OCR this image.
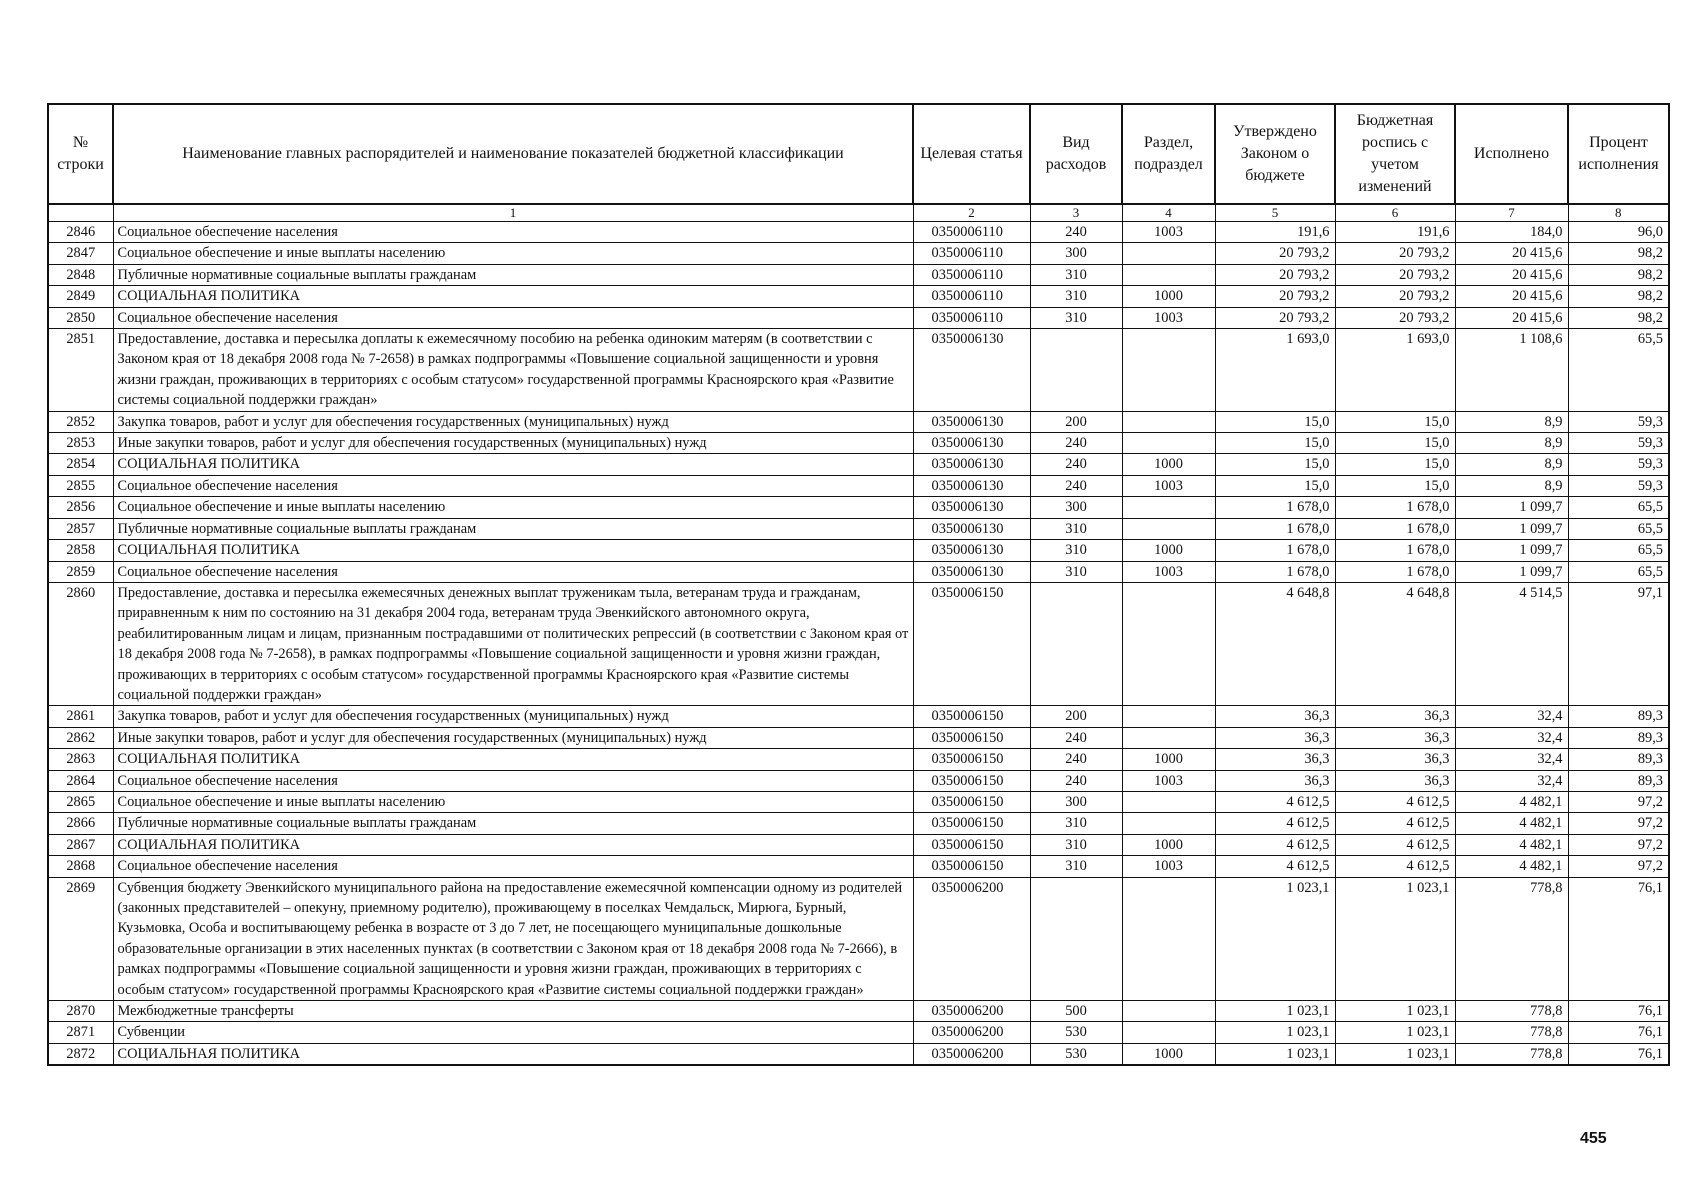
№ строки	Наименование главных распорядителей и наименование показателей бюджетной классификации	Целевая статья	Вид расходов	Раздел, подраздел	Утверждено Законом о бюджете	Бюджетная роспись с учетом изменений	Исполнено	Процент исполнения
	1	2	3	4	5	6	7	8
2846	Социальное обеспечение населения	0350006110	240	1003	191,6	191,6	184,0	96,0
2847	Социальное обеспечение и иные выплаты населению	0350006110	300		20 793,2	20 793,2	20 415,6	98,2
2848	Публичные нормативные социальные выплаты гражданам	0350006110	310		20 793,2	20 793,2	20 415,6	98,2
2849	СОЦИАЛЬНАЯ ПОЛИТИКА	0350006110	310	1000	20 793,2	20 793,2	20 415,6	98,2
2850	Социальное обеспечение населения	0350006110	310	1003	20 793,2	20 793,2	20 415,6	98,2
2851	Предоставление, доставка и пересылка доплаты к ежемесячному пособию на ребенка одиноким матерям (в соответствии с Законом края от 18 декабря 2008 года № 7-2658) в рамках подпрограммы «Повышение социальной защищенности и уровня жизни граждан, проживающих в территориях с особым статусом» государственной программы Красноярского края «Развитие системы социальной поддержки граждан»	0350006130			1 693,0	1 693,0	1 108,6	65,5
2852	Закупка товаров, работ и услуг для обеспечения государственных (муниципальных) нужд	0350006130	200		15,0	15,0	8,9	59,3
2853	Иные закупки товаров, работ и услуг для обеспечения государственных (муниципальных) нужд	0350006130	240		15,0	15,0	8,9	59,3
2854	СОЦИАЛЬНАЯ ПОЛИТИКА	0350006130	240	1000	15,0	15,0	8,9	59,3
2855	Социальное обеспечение населения	0350006130	240	1003	15,0	15,0	8,9	59,3
2856	Социальное обеспечение и иные выплаты населению	0350006130	300		1 678,0	1 678,0	1 099,7	65,5
2857	Публичные нормативные социальные выплаты гражданам	0350006130	310		1 678,0	1 678,0	1 099,7	65,5
2858	СОЦИАЛЬНАЯ ПОЛИТИКА	0350006130	310	1000	1 678,0	1 678,0	1 099,7	65,5
2859	Социальное обеспечение населения	0350006130	310	1003	1 678,0	1 678,0	1 099,7	65,5
2860	Предоставление, доставка и пересылка ежемесячных денежных выплат труженикам тыла, ветеранам труда и гражданам, приравненным к ним по состоянию на 31 декабря 2004 года, ветеранам труда Эвенкийского автономного округа, реабилитированным лицам и лицам, признанным пострадавшими от политических репрессий (в соответствии с Законом края от 18 декабря 2008 года № 7-2658), в рамках подпрограммы «Повышение социальной защищенности и уровня жизни граждан, проживающих в территориях с особым статусом» государственной программы Красноярского края «Развитие системы социальной поддержки граждан»	0350006150			4 648,8	4 648,8	4 514,5	97,1
2861	Закупка товаров, работ и услуг для обеспечения государственных (муниципальных) нужд	0350006150	200		36,3	36,3	32,4	89,3
2862	Иные закупки товаров, работ и услуг для обеспечения государственных (муниципальных) нужд	0350006150	240		36,3	36,3	32,4	89,3
2863	СОЦИАЛЬНАЯ ПОЛИТИКА	0350006150	240	1000	36,3	36,3	32,4	89,3
2864	Социальное обеспечение населения	0350006150	240	1003	36,3	36,3	32,4	89,3
2865	Социальное обеспечение и иные выплаты населению	0350006150	300		4 612,5	4 612,5	4 482,1	97,2
2866	Публичные нормативные социальные выплаты гражданам	0350006150	310		4 612,5	4 612,5	4 482,1	97,2
2867	СОЦИАЛЬНАЯ ПОЛИТИКА	0350006150	310	1000	4 612,5	4 612,5	4 482,1	97,2
2868	Социальное обеспечение населения	0350006150	310	1003	4 612,5	4 612,5	4 482,1	97,2
2869	Субвенция бюджету Эвенкийского муниципального района на предоставление ежемесячной компенсации одному из родителей (законных представителей – опекуну, приемному родителю), проживающему в поселках Чемдальск, Мирюга, Бурный, Кузьмовка, Особа и воспитывающему ребенка в возрасте от 3 до 7 лет, не посещающего муниципальные дошкольные образовательные организации в этих населенных пунктах (в соответствии с Законом края от 18 декабря 2008 года № 7-2666), в рамках подпрограммы «Повышение социальной защищенности и уровня жизни граждан, проживающих в территориях с особым статусом» государственной программы Красноярского края «Развитие системы социальной поддержки граждан»	0350006200			1 023,1	1 023,1	778,8	76,1
2870	Межбюджетные трансферты	0350006200	500		1 023,1	1 023,1	778,8	76,1
2871	Субвенции	0350006200	530		1 023,1	1 023,1	778,8	76,1
2872	СОЦИАЛЬНАЯ ПОЛИТИКА	0350006200	530	1000	1 023,1	1 023,1	778,8	76,1
455
